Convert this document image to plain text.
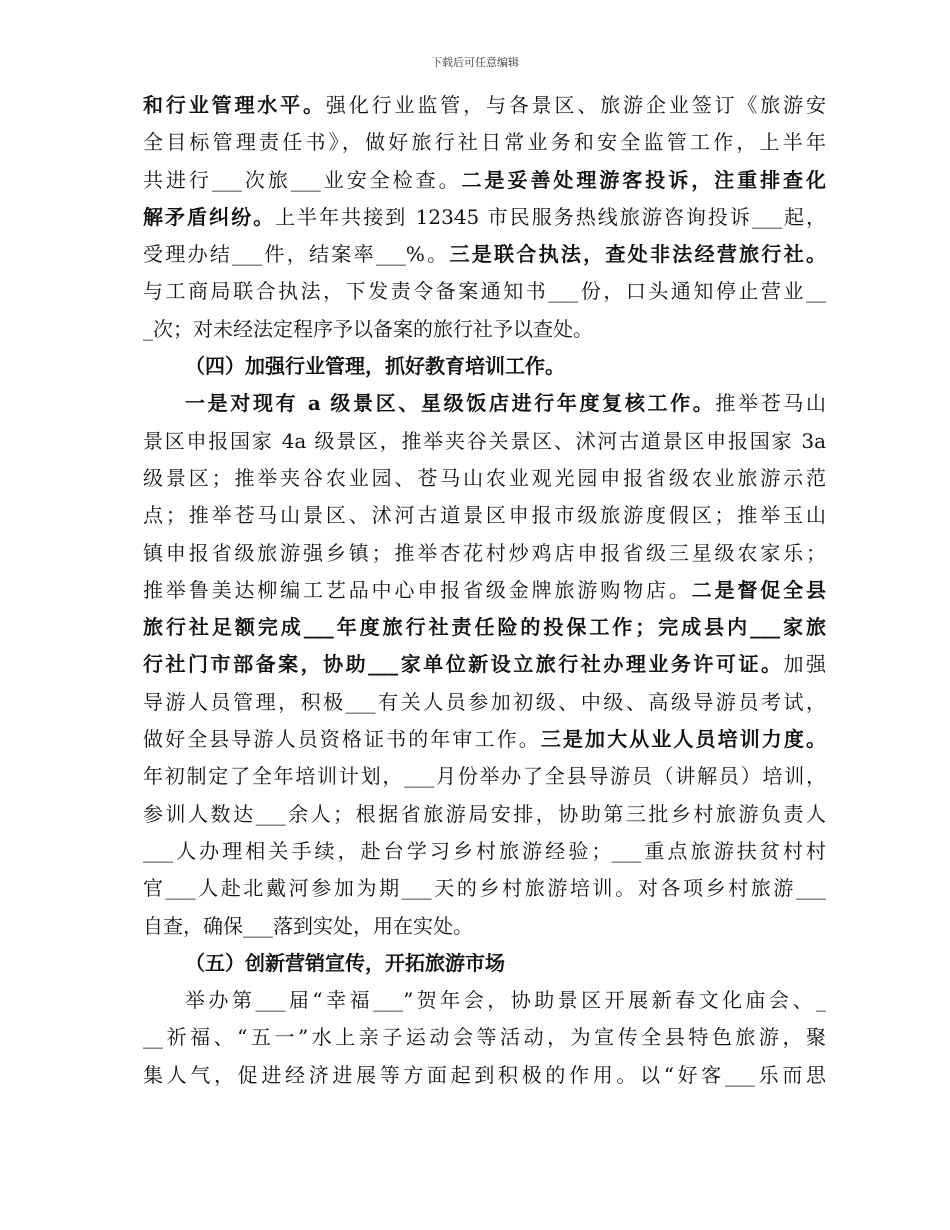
下载后可任意编辑
和行业管理水平。强化行业监管，与各景区、旅游企业签订《旅游安
全目标管理责任书》，做好旅行社日常业务和安全监管工作，上半年
共进行___次旅___业安全检查。二是妥善处理游客投诉，注重排查化
解矛盾纠纷。上半年共接到 12345 市民服务热线旅游咨询投诉___起，
受理办结___件，结案率___%。三是联合执法，查处非法经营旅行社。
与工商局联合执法，下发责令备案通知书___份，口头通知停止营业__
_次；对未经法定程序予以备案的旅行社予以查处。
（四）加强行业管理，抓好教育培训工作。
一是对现有 a 级景区、星级饭店进行年度复核工作。推举苍马山
景区申报国家 4a 级景区，推举夹谷关景区、沭河古道景区申报国家 3a
级景区；推举夹谷农业园、苍马山农业观光园申报省级农业旅游示范
点；推举苍马山景区、沭河古道景区申报市级旅游度假区；推举玉山
镇申报省级旅游强乡镇；推举杏花村炒鸡店申报省级三星级农家乐；
推举鲁美达柳编工艺品中心申报省级金牌旅游购物店。二是督促全县
旅行社足额完成___年度旅行社责任险的投保工作；完成县内___家旅
行社门市部备案，协助___家单位新设立旅行社办理业务许可证。加强
导游人员管理，积极___有关人员参加初级、中级、高级导游员考试，
做好全县导游人员资格证书的年审工作。三是加大从业人员培训力度。
年初制定了全年培训计划，___月份举办了全县导游员（讲解员）培训，
参训人数达___余人；根据省旅游局安排，协助第三批乡村旅游负责人
___人办理相关手续，赴台学习乡村旅游经验；___重点旅游扶贫村村
官___人赴北戴河参加为期___天的乡村旅游培训。对各项乡村旅游___
自查，确保___落到实处，用在实处。
（五）创新营销宣传，开拓旅游市场
举办第___届“幸福___”贺年会，协助景区开展新春文化庙会、_
__祈福、“五一”水上亲子运动会等活动，为宣传全县特色旅游，聚
集人气，促进经济进展等方面起到积极的作用。以“好客___乐而思
